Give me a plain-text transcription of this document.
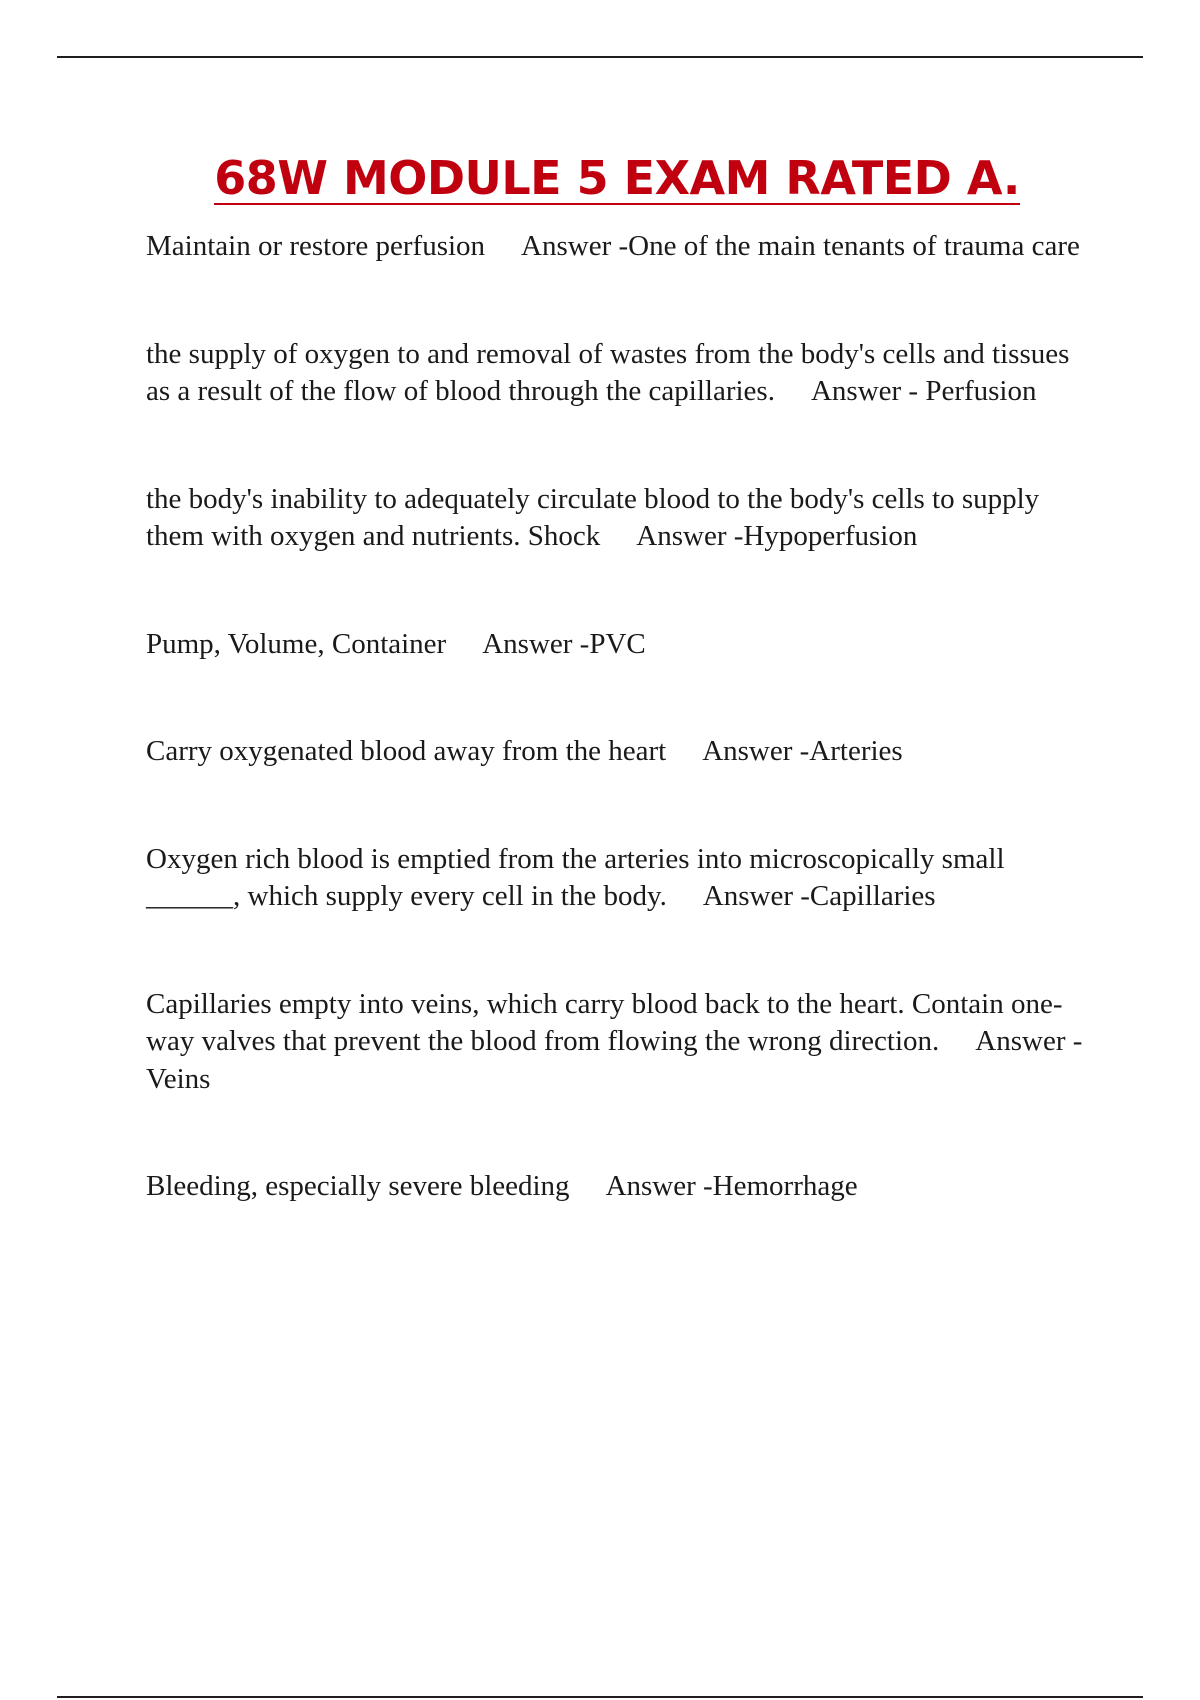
68W MODULE 5 EXAM RATED A.
Maintain or restore perfusion Answer -One of the main tenants of trauma care
the supply of oxygen to and removal of wastes from the body's cells and tissues as a result of the flow of blood through the capillaries. Answer - Perfusion
the body's inability to adequately circulate blood to the body's cells to supply them with oxygen and nutrients. Shock Answer -Hypoperfusion
Pump, Volume, Container Answer -PVC
Carry oxygenated blood away from the heart Answer -Arteries
Oxygen rich blood is emptied from the arteries into microscopically small ______, which supply every cell in the body. Answer -Capillaries
Capillaries empty into veins, which carry blood back to the heart. Contain one-way valves that prevent the blood from flowing the wrong direction. Answer -Veins
Bleeding, especially severe bleeding Answer -Hemorrhage
